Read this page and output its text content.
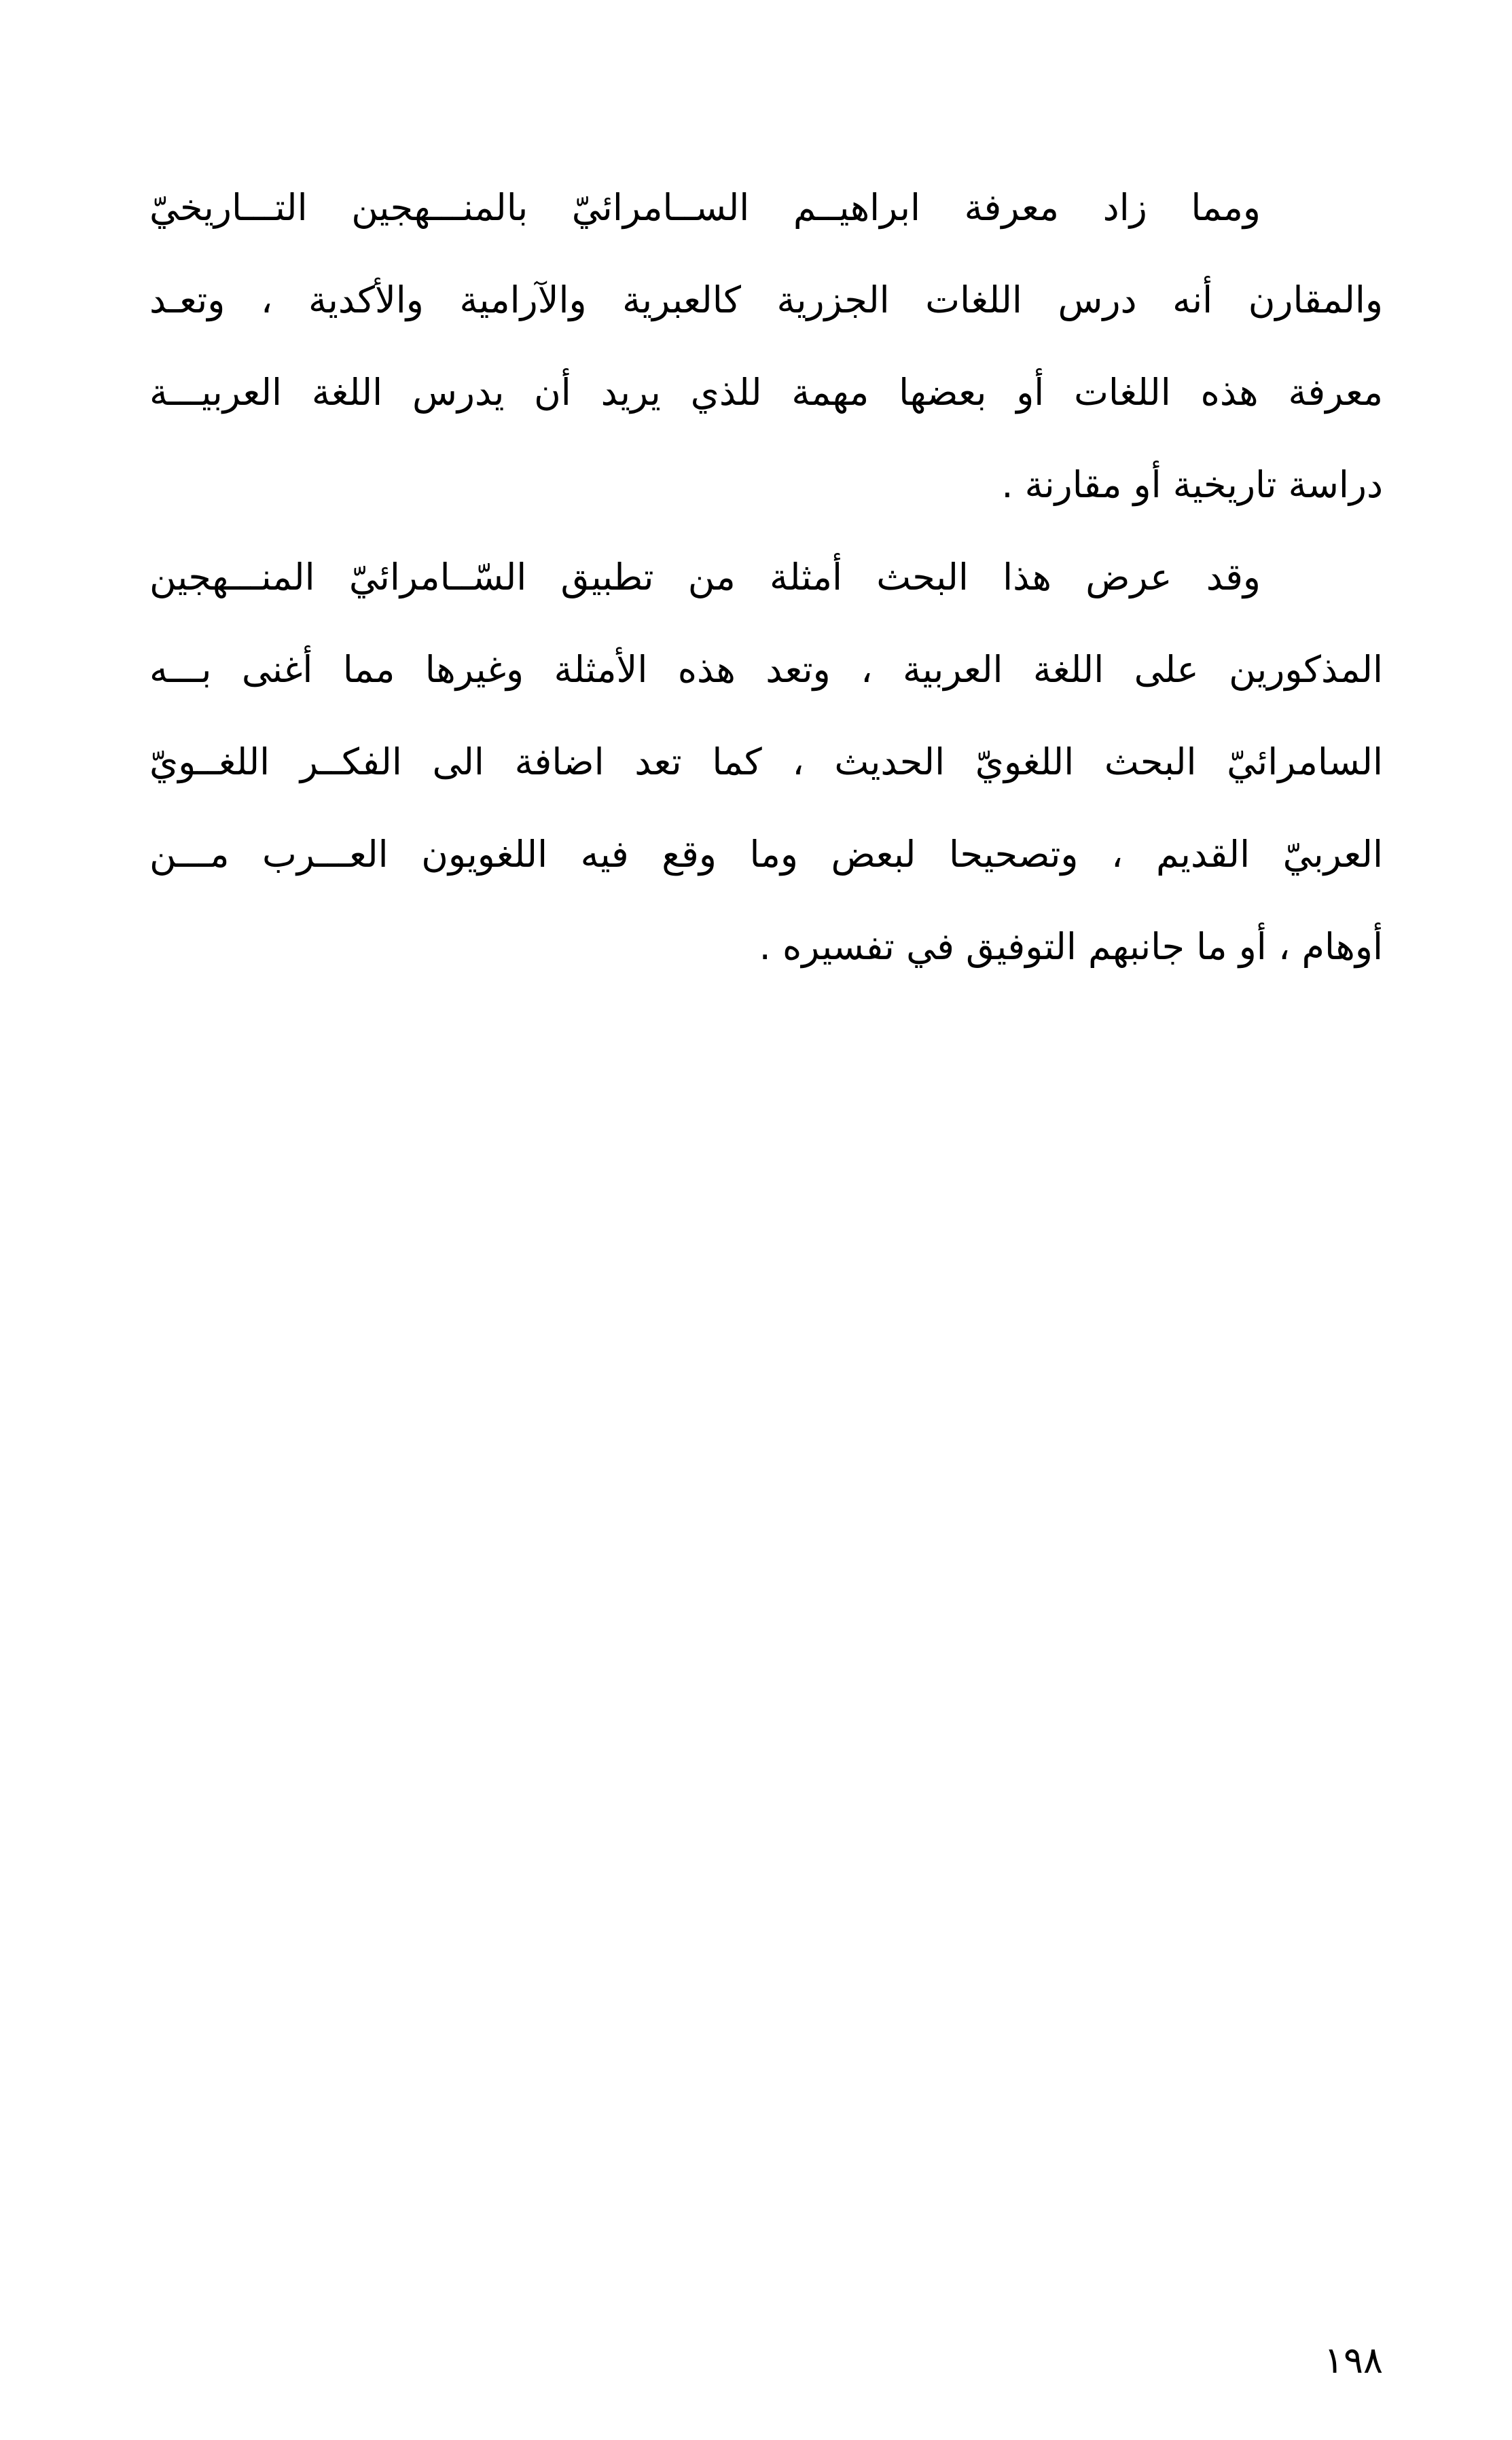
ومما زاد معرفة ابراهيــم الســامرائيّ بالمنـــهجين التـــاريخيّ
والمقارن أنه درس اللغات الجزرية كالعبرية والآرامية والأكدية ، وتعـد
معرفة هذه اللغات أو بعضها مهمة للذي يريد أن يدرس اللغة العربيـــة
دراسة تاريخية أو مقارنة .
وقد عرض هذا البحث أمثلة من تطبيق السّــامرائيّ المنـــهجين
المذكورين على اللغة العربية ، وتعد هذه الأمثلة وغيرها مما أغنى بـــه
السامرائيّ البحث اللغويّ الحديث ، كما تعد اضافة الى الفكــر اللغــويّ
العربيّ القديم ، وتصحيحا لبعض وما وقع فيه اللغويون العـــرب مـــن
أوهام ، أو ما جانبهم التوفيق في تفسيره .
١٩٨
